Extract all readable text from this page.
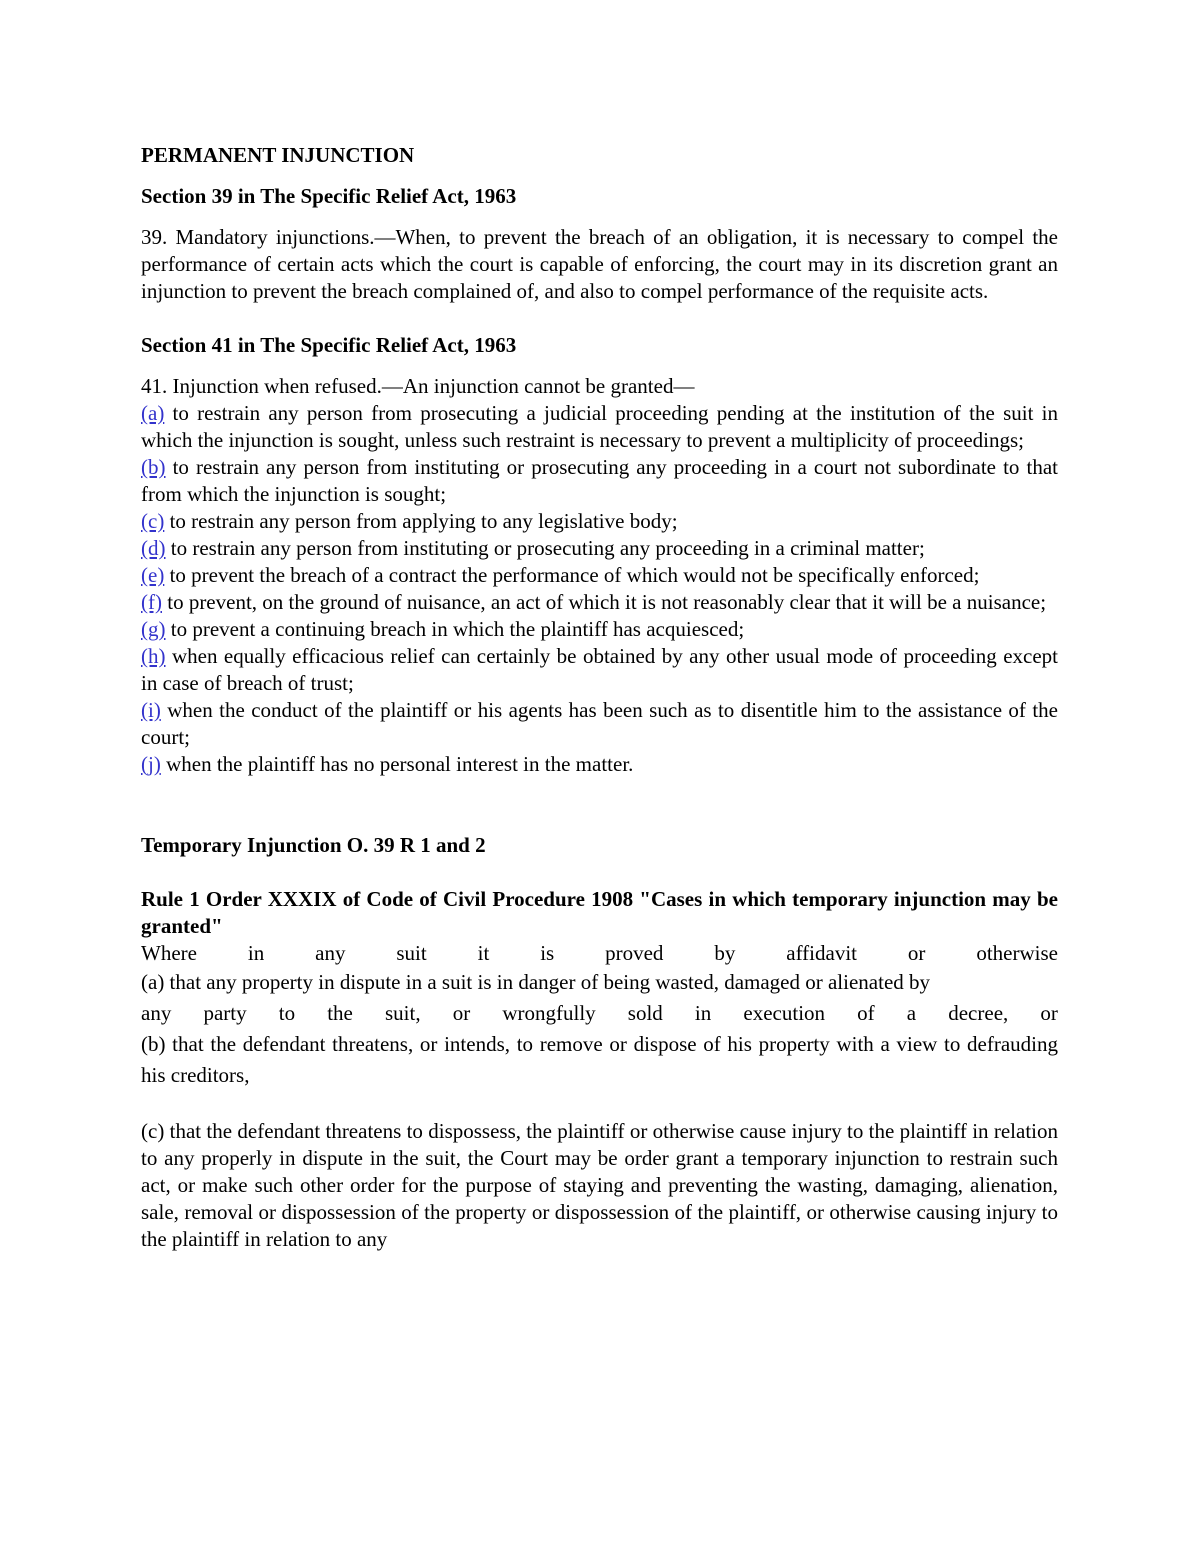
PERMANENT INJUNCTION

Section 39 in The Specific Relief Act, 1963

39. Mandatory injunctions.—When, to prevent the breach of an obligation, it is necessary to compel the performance of certain acts which the court is capable of enforcing, the court may in its discretion grant an injunction to prevent the breach complained of, and also to compel performance of the requisite acts.

Section 41 in The Specific Relief Act, 1963

41. Injunction when refused.—An injunction cannot be granted—

(a) to restrain any person from prosecuting a judicial proceeding pending at the institution of the suit in which the injunction is sought, unless such restraint is necessary to prevent a multiplicity of proceedings;

(b) to restrain any person from instituting or prosecuting any proceeding in a court not subordinate to that from which the injunction is sought;

(c) to restrain any person from applying to any legislative body;

(d) to restrain any person from instituting or prosecuting any proceeding in a criminal matter;

(e) to prevent the breach of a contract the performance of which would not be specifically enforced;

(f) to prevent, on the ground of nuisance, an act of which it is not reasonably clear that it will be a nuisance;

(g) to prevent a continuing breach in which the plaintiff has acquiesced;

(h) when equally efficacious relief can certainly be obtained by any other usual mode of proceeding except in case of breach of trust;

(i) when the conduct of the plaintiff or his agents has been such as to disentitle him to the assistance of the court;

(j) when the plaintiff has no personal interest in the matter.

Temporary Injunction O. 39 R 1 and 2

Rule 1 Order XXXIX of Code of Civil Procedure 1908 "Cases in which temporary injunction may be granted"

Where in any suit it is proved by affidavit or otherwise

(a) that any property in dispute in a suit is in danger of being wasted, damaged or alienated by

any party to the suit, or wrongfully sold in execution of a decree, or

(b) that the defendant threatens, or intends, to remove or dispose of his property with a view to defrauding his creditors,

(c) that the defendant threatens to dispossess, the plaintiff or otherwise cause injury to the plaintiff in relation to any properly in dispute in the suit, the Court may be order grant a temporary injunction to restrain such act, or make such other order for the purpose of staying and preventing the wasting, damaging, alienation, sale, removal or dispossession of the property or dispossession of the plaintiff, or otherwise causing injury to the plaintiff in relation to any
